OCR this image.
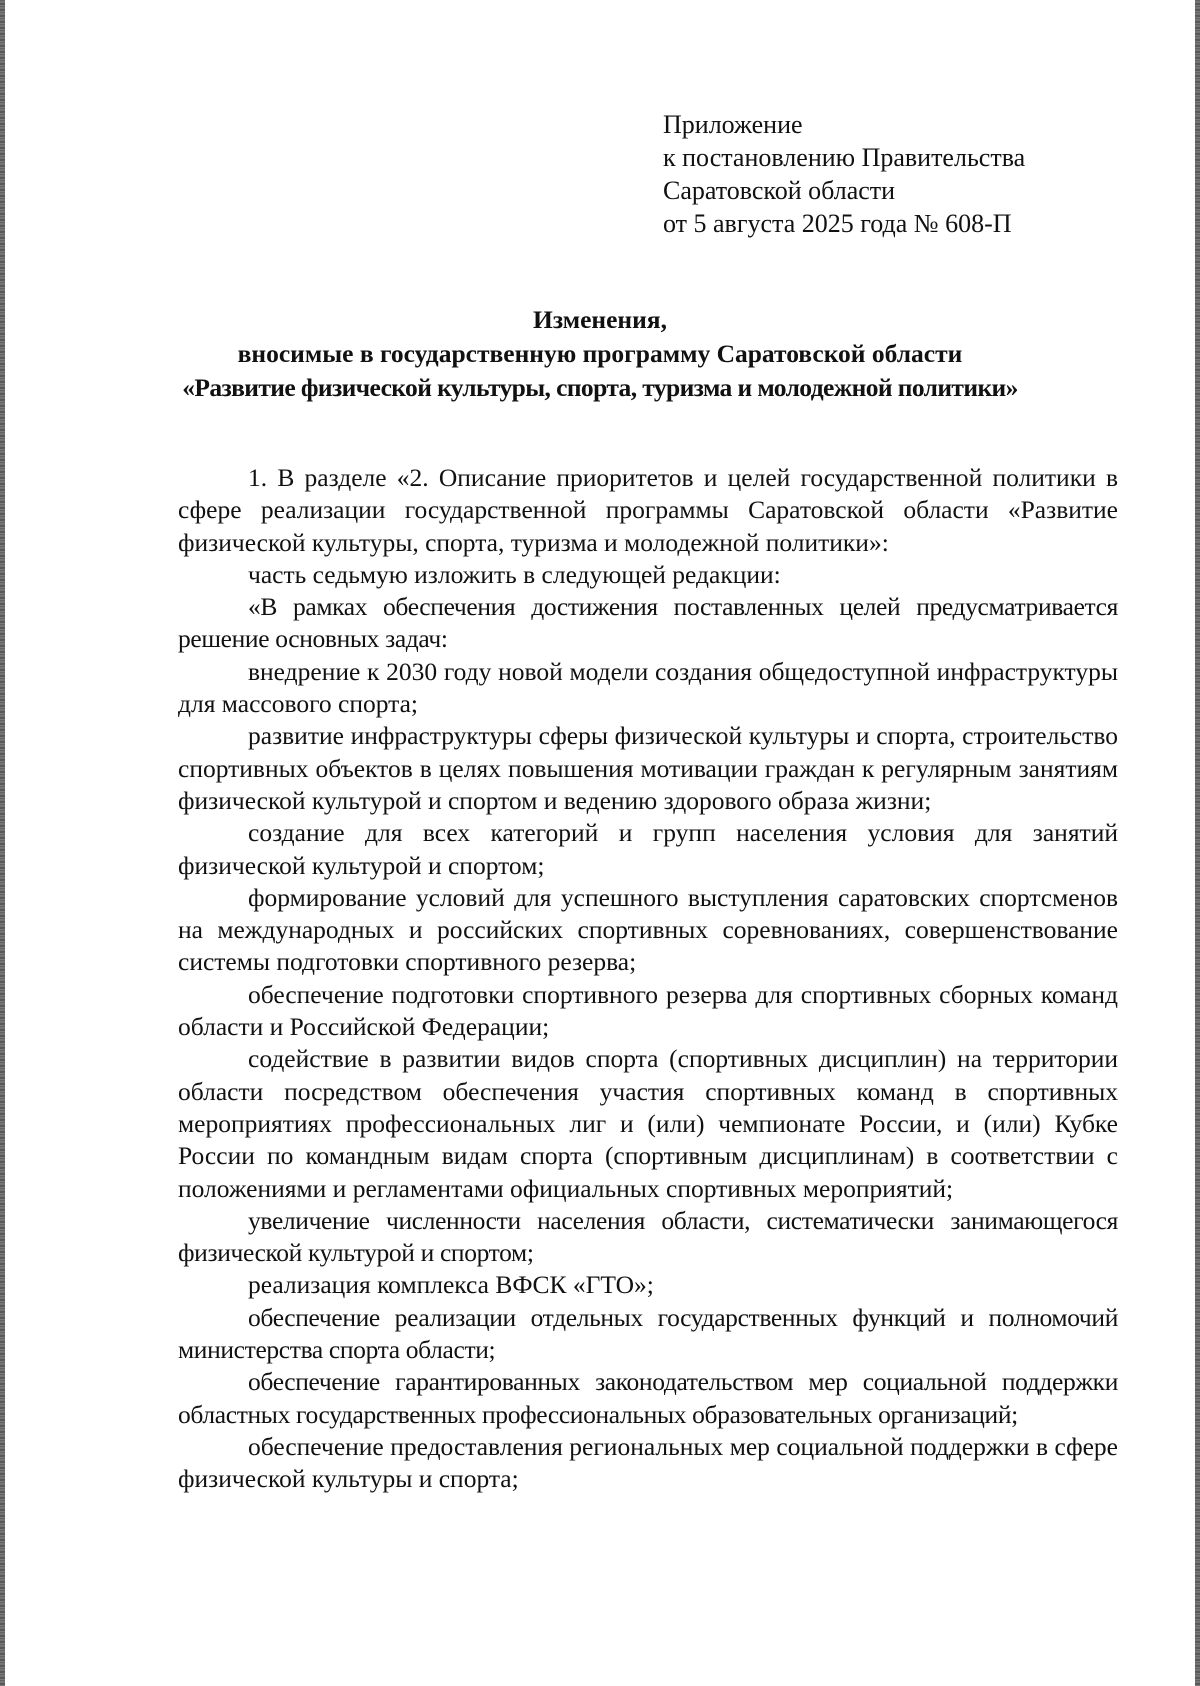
Приложение
к постановлению Правительства
Саратовской области
от 5 августа 2025 года № 608-П
Изменения,
вносимые в государственную программу Саратовской области
«Развитие физической культуры, спорта, туризма и молодежной политики»

1. В разделе «2. Описание приоритетов и целей государственной политики в сфере реализации государственной программы Саратовской области «Развитие физической культуры, спорта, туризма и молодежной политики»:

часть седьмую изложить в следующей редакции:

«В рамках обеспечения достижения поставленных целей предусматривается решение основных задач:

внедрение к 2030 году новой модели создания общедоступной инфраструктуры для массового спорта;

развитие инфраструктуры сферы физической культуры и спорта, строительство спортивных объектов в целях повышения мотивации граждан к регулярным занятиям физической культурой и спортом и ведению здорового образа жизни;

создание для всех категорий и групп населения условия для занятий физической культурой и спортом;

формирование условий для успешного выступления саратовских спортсменов на международных и российских спортивных соревнованиях, совершенствование системы подготовки спортивного резерва;

обеспечение подготовки спортивного резерва для спортивных сборных команд области и Российской Федерации;

содействие в развитии видов спорта (спортивных дисциплин) на территории области посредством обеспечения участия спортивных команд в спортивных мероприятиях профессиональных лиг и (или) чемпионате России, и (или) Кубке России по командным видам спорта (спортивным дисциплинам) в соответствии с положениями и регламентами официальных спортивных мероприятий;

увеличение численности населения области, систематически занимающегося физической культурой и спортом;

реализация комплекса ВФСК «ГТО»;

обеспечение реализации отдельных государственных функций и полномочий министерства спорта области;

обеспечение гарантированных законодательством мер социальной поддержки областных государственных профессиональных образовательных организаций;

обеспечение предоставления региональных мер социальной поддержки в сфере физической культуры и спорта;
